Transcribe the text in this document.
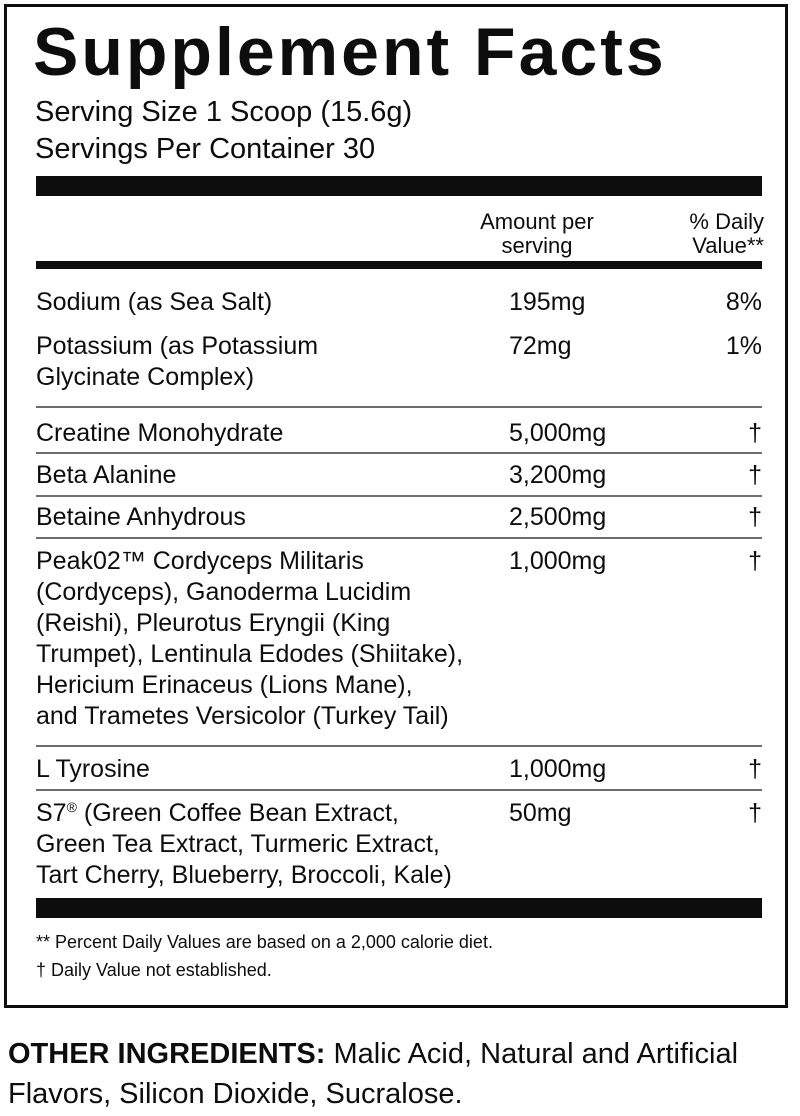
Supplement Facts
Serving Size 1 Scoop (15.6g)
Servings Per Container 30
Amount per
serving
% Daily
Value**
Sodium (as Sea Salt)	195mg	8%
Potassium (as Potassium
Glycinate Complex)
72mg	1%
Creatine Monohydrate	5,000mg	†
Beta Alanine	3,200mg	†
Betaine Anhydrous	2,500mg	†
Peak02™ Cordyceps Militaris
(Cordyceps), Ganoderma Lucidim
(Reishi), Pleurotus Eryngii (King
Trumpet), Lentinula Edodes (Shiitake),
Hericium Erinaceus (Lions Mane),
and Trametes Versicolor (Turkey Tail)
1,000mg	†
L Tyrosine	1,000mg	†
S7® (Green Coffee Bean Extract,
Green Tea Extract, Turmeric Extract,
Tart Cherry, Blueberry, Broccoli, Kale)
50mg	†
** Percent Daily Values are based on a 2,000 calorie diet.
† Daily Value not established.
OTHER INGREDIENTS: Malic Acid, Natural and Artificial
Flavors, Silicon Dioxide, Sucralose.
